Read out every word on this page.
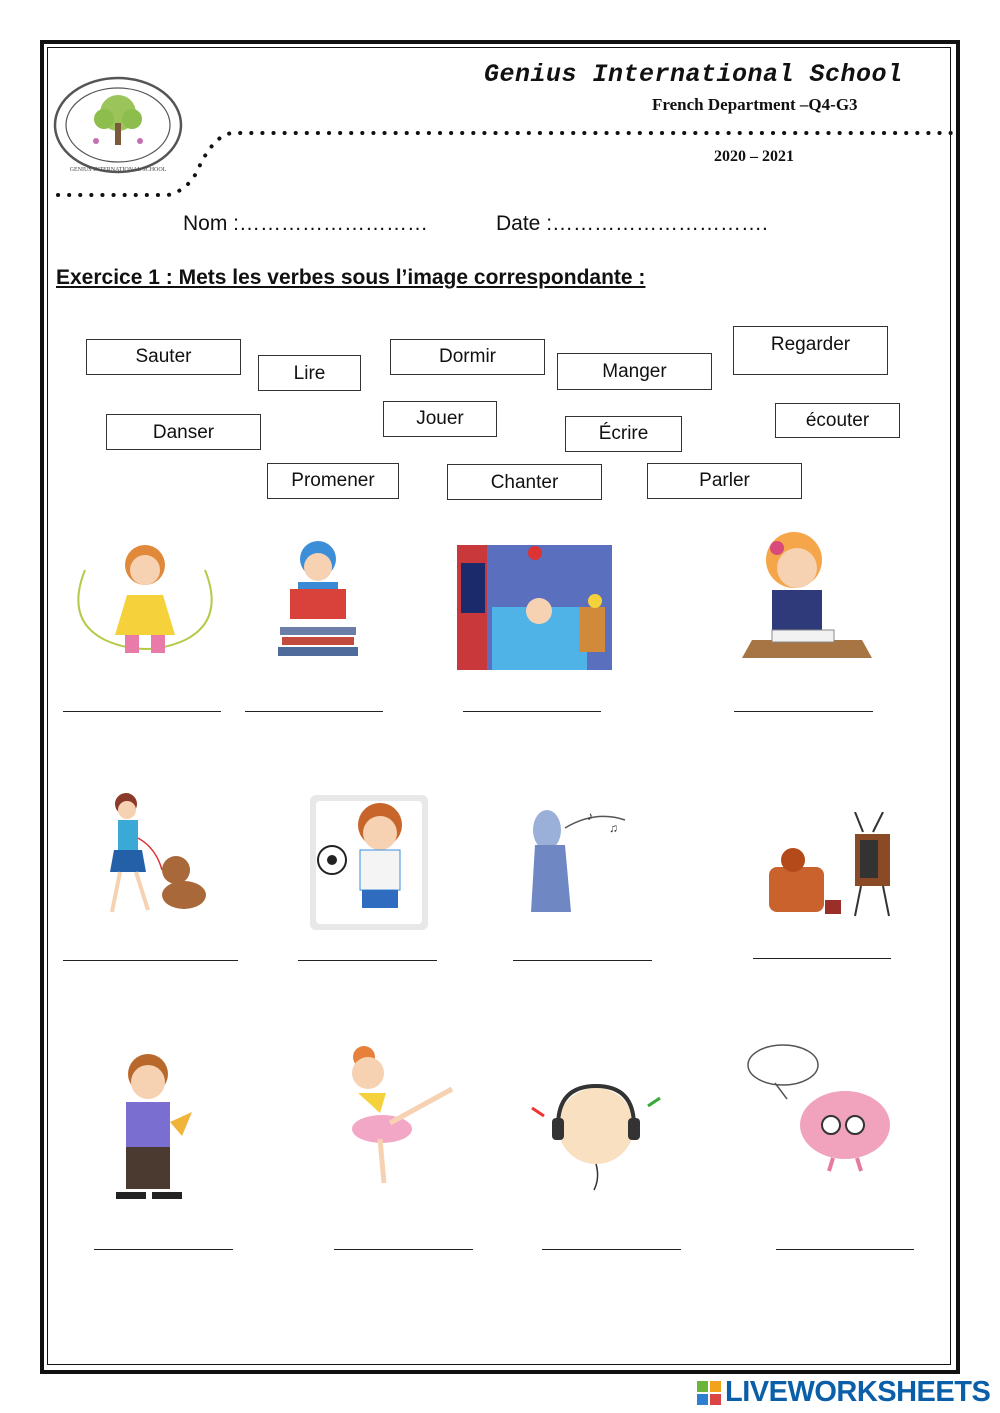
GENIUS INTERNATIONAL SCHOOL
Genius International School
French Department –Q4-G3
2020 – 2021
Nom :………………………	Date :………………………….
Exercice 1 : Mets les verbes sous l’image correspondante :
Sauter
Lire
Dormir
Manger
Regarder
Danser
Jouer
Écrire
écouter
Promener	Chanter	Parler
♪
♫
LIVEWORKSHEETS
